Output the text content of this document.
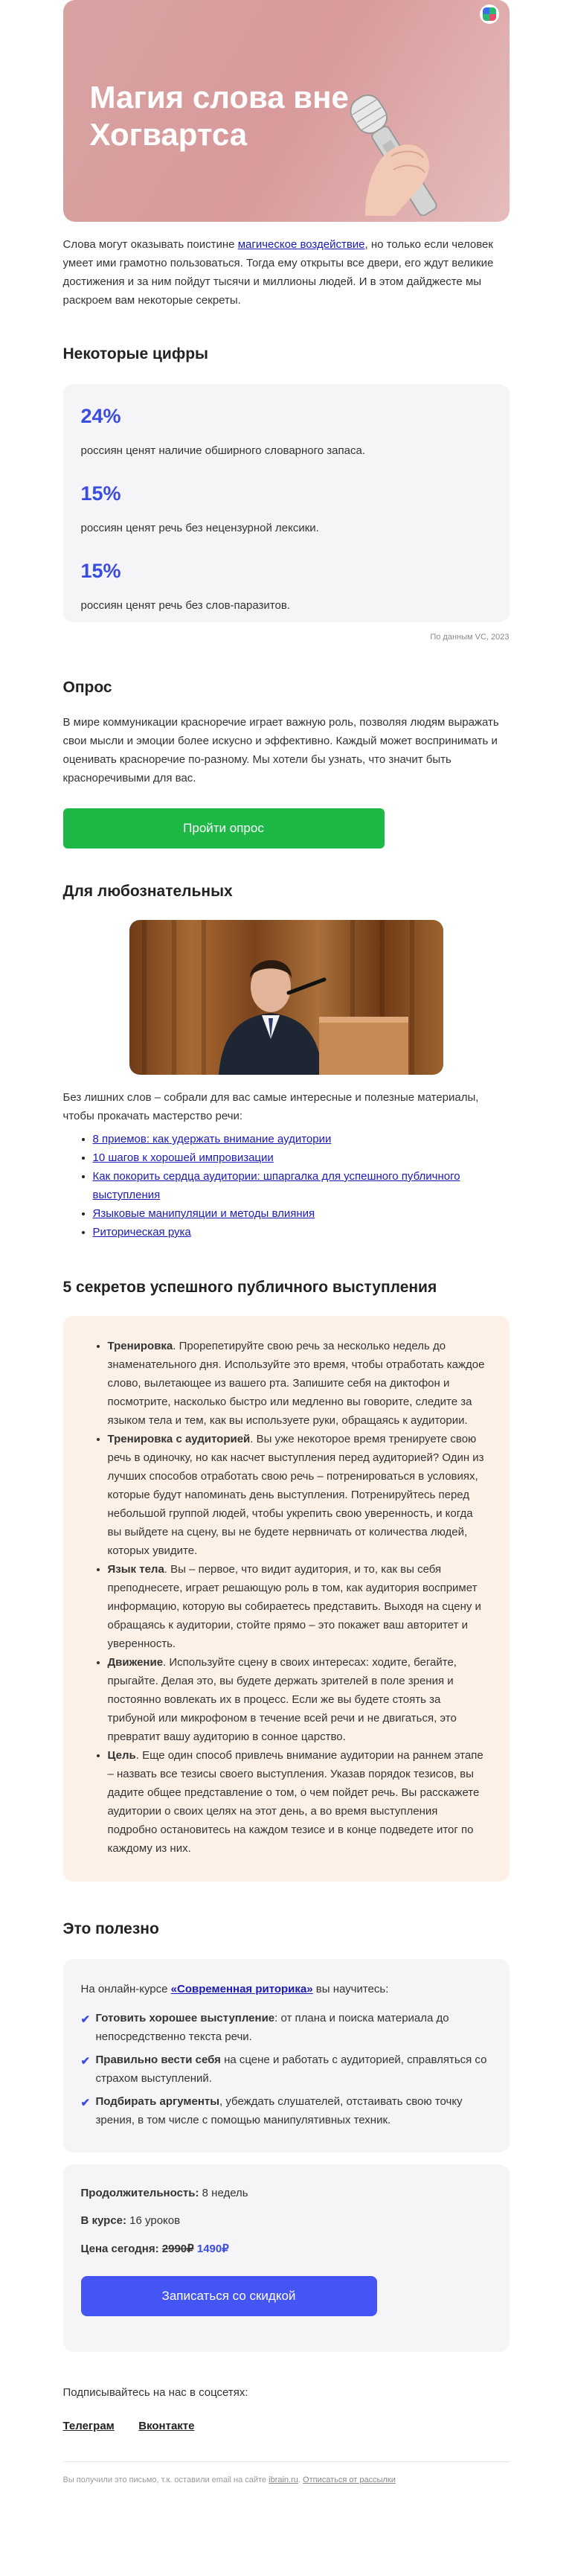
Магия слова вне Хогвартса

Слова могут оказывать поистине магическое воздействие, но только если человек умеет ими грамотно пользоваться. Тогда ему открыты все двери, его ждут великие достижения и за ним пойдут тысячи и миллионы людей. И в этом дайджесте мы раскроем вам некоторые секреты.

Некоторые цифры
24%
россиян ценят наличие обширного словарного запаса.
15%
россиян ценят речь без нецензурной лексики.
15%
россиян ценят речь без слов-паразитов.
По данным VC, 2023
Опрос

В мире коммуникации красноречие играет важную роль, позволяя людям выражать свои мысли и эмоции более искусно и эффективно. Каждый может воспринимать и оценивать красноречие по-разному. Мы хотели бы узнать, что значит быть красноречивыми для вас.

Пройти опрос
Для любознательных

Без лишних слов – собрали для вас самые интересные и полезные материалы, чтобы прокачать мастерство речи:

• 8 приемов: как удержать внимание аудитории
• 10 шагов к хорошей импровизации
• Как покорить сердца аудитории: шпаргалка для успешного публичного выступления
• Языковые манипуляции и методы влияния
• Риторическая рука
5 секретов успешного публичного выступления
• Тренировка. Прорепетируйте свою речь за несколько недель до знаменательного дня. Используйте это время, чтобы отработать каждое слово, вылетающее из вашего рта. Запишите себя на диктофон и посмотрите, насколько быстро или медленно вы говорите, следите за языком тела и тем, как вы используете руки, обращаясь к аудитории.
• Тренировка с аудиторией. Вы уже некоторое время тренируете свою речь в одиночку, но как насчет выступления перед аудиторией? Один из лучших способов отработать свою речь – потренироваться в условиях, которые будут напоминать день выступления. Потренируйтесь перед небольшой группой людей, чтобы укрепить свою уверенность, и когда вы выйдете на сцену, вы не будете нервничать от количества людей, которых увидите.
• Язык тела. Вы – первое, что видит аудитория, и то, как вы себя преподнесете, играет решающую роль в том, как аудитория воспримет информацию, которую вы собираетесь представить. Выходя на сцену и обращаясь к аудитории, стойте прямо – это покажет ваш авторитет и уверенность.
• Движение. Используйте сцену в своих интересах: ходите, бегайте, прыгайте. Делая это, вы будете держать зрителей в поле зрения и постоянно вовлекать их в процесс. Если же вы будете стоять за трибуной или микрофоном в течение всей речи и не двигаться, это превратит вашу аудиторию в сонное царство.
• Цель. Еще один способ привлечь внимание аудитории на раннем этапе – назвать все тезисы своего выступления. Указав порядок тезисов, вы дадите общее представление о том, о чем пойдет речь. Вы расскажете аудитории о своих целях на этот день, а во время выступления подробно остановитесь на каждом тезисе и в конце подведете итог по каждому из них.
Это полезно

На онлайн-курсе «Современная риторика» вы научитесь:

✔ Готовить хорошее выступление: от плана и поиска материала до непосредственно текста речи.
✔ Правильно вести себя на сцене и работать с аудиторией, справляться со страхом выступлений.
✔ Подбирать аргументы, убеждать слушателей, отстаивать свою точку зрения, в том числе с помощью манипулятивных техник.
Продолжительность: 8 недель
В курсе: 16 уроков
Цена сегодня: 2990₽ 1490₽
Записаться со скидкой
Подписывайтесь на нас в соцсетях:
Телеграм Вконтакте
Вы получили это письмо, т.к. оставили email на сайте ibrain.ru. Отписаться от рассылки
